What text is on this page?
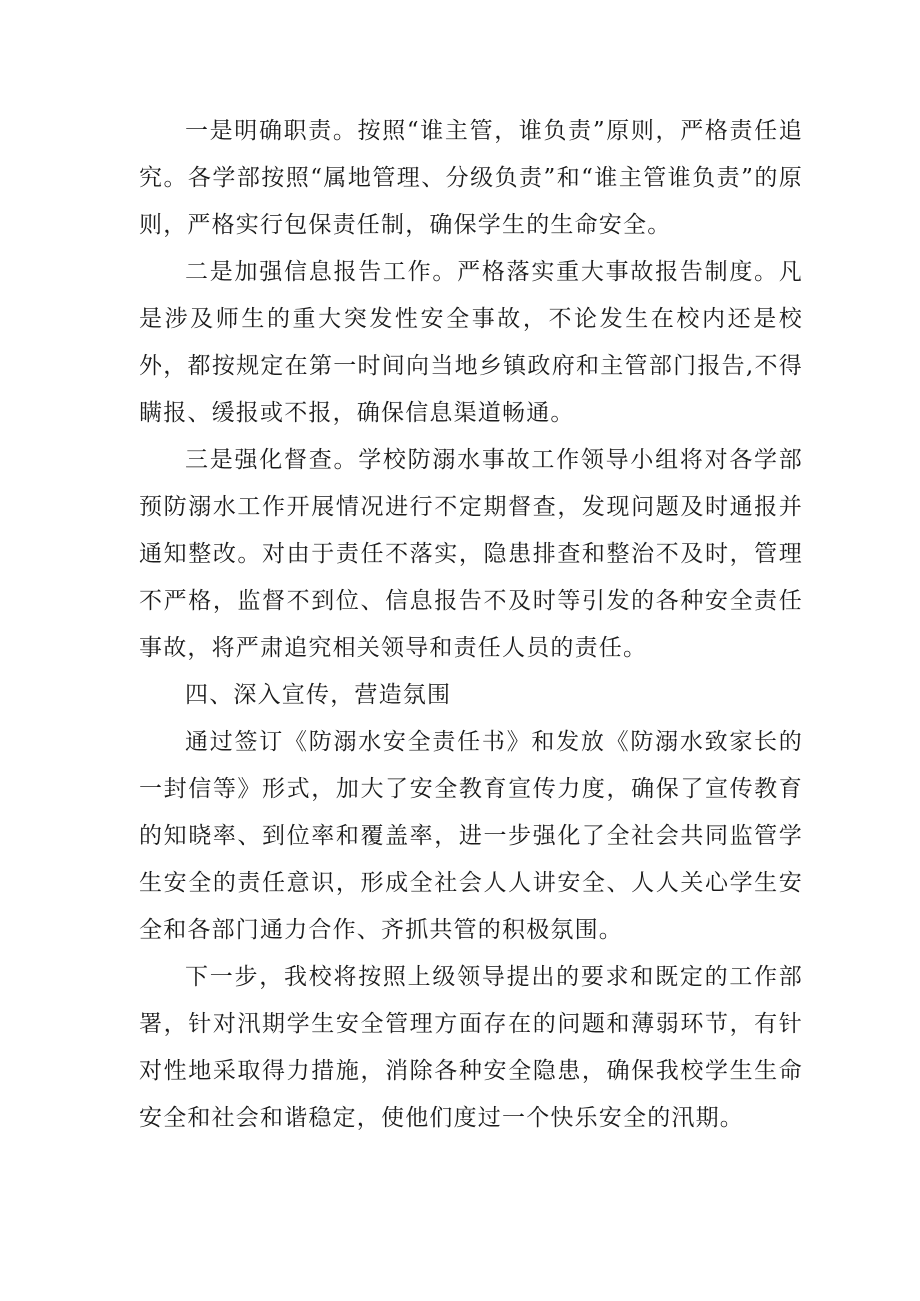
一是明确职责。按照“谁主管，谁负责”原则，严格责任追究。各学部按照“属地管理、分级负责”和“谁主管谁负责”的原则，严格实行包保责任制，确保学生的生命安全。

二是加强信息报告工作。严格落实重大事故报告制度。凡是涉及师生的重大突发性安全事故，不论发生在校内还是校外，都按规定在第一时间向当地乡镇政府和主管部门报告,不得瞒报、缓报或不报，确保信息渠道畅通。

三是强化督查。学校防溺水事故工作领导小组将对各学部预防溺水工作开展情况进行不定期督查，发现问题及时通报并通知整改。对由于责任不落实，隐患排查和整治不及时，管理不严格，监督不到位、信息报告不及时等引发的各种安全责任事故，将严肃追究相关领导和责任人员的责任。

四、深入宣传，营造氛围

通过签订《防溺水安全责任书》和发放《防溺水致家长的一封信等》形式，加大了安全教育宣传力度，确保了宣传教育的知晓率、到位率和覆盖率，进一步强化了全社会共同监管学生安全的责任意识，形成全社会人人讲安全、人人关心学生安全和各部门通力合作、齐抓共管的积极氛围。

下一步，我校将按照上级领导提出的要求和既定的工作部署，针对汛期学生安全管理方面存在的问题和薄弱环节，有针对性地采取得力措施，消除各种安全隐患，确保我校学生生命安全和社会和谐稳定，使他们度过一个快乐安全的汛期。
